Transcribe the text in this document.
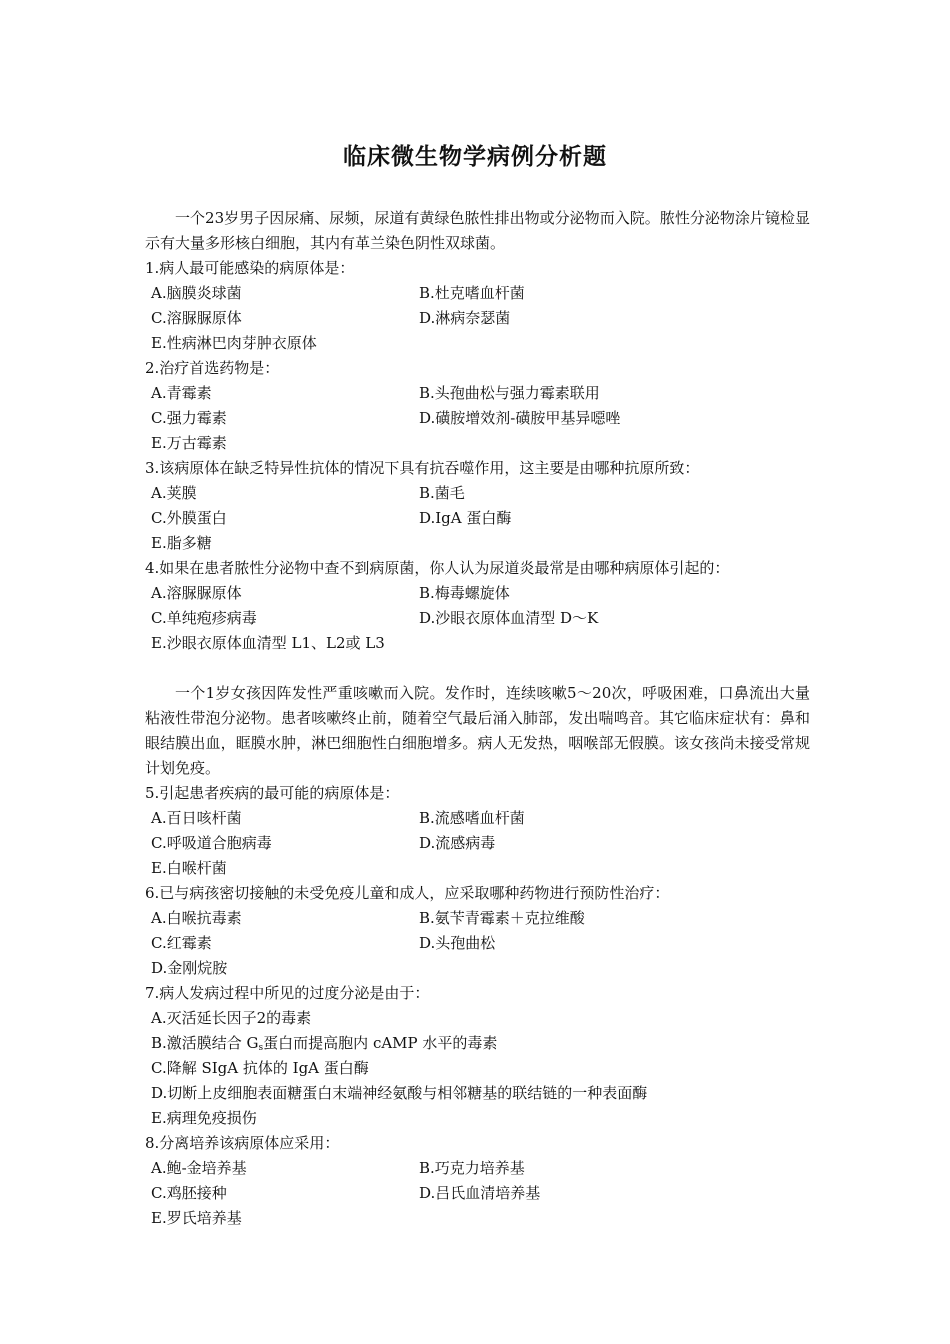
临床微生物学病例分析题

一个23岁男子因尿痛、尿频，尿道有黄绿色脓性排出物或分泌物而入院。脓性分泌物涂片镜检显示有大量多形核白细胞，其内有革兰染色阴性双球菌。

1.病人最可能感染的病原体是：

A.脑膜炎球菌	B.杜克嗜血杆菌
C.溶脲脲原体	D.淋病奈瑟菌
E.性病淋巴肉芽肿衣原体

2.治疗首选药物是：

A.青霉素	B.头孢曲松与强力霉素联用
C.强力霉素	D.磺胺增效剂-磺胺甲基异噁唑
E.万古霉素

3.该病原体在缺乏特异性抗体的情况下具有抗吞噬作用，这主要是由哪种抗原所致：

A.荚膜	B.菌毛
C.外膜蛋白	D.IgA 蛋白酶
E.脂多糖

4.如果在患者脓性分泌物中查不到病原菌，你人认为尿道炎最常是由哪种病原体引起的：

A.溶脲脲原体	B.梅毒螺旋体
C.单纯疱疹病毒	D.沙眼衣原体血清型 D～K
E.沙眼衣原体血清型 L1、L2或 L3

一个1岁女孩因阵发性严重咳嗽而入院。发作时，连续咳嗽5～20次，呼吸困难，口鼻流出大量粘液性带泡分泌物。患者咳嗽终止前，随着空气最后涌入肺部，发出喘鸣音。其它临床症状有：鼻和眼结膜出血，眶膜水肿，淋巴细胞性白细胞增多。病人无发热，咽喉部无假膜。该女孩尚未接受常规计划免疫。

5.引起患者疾病的最可能的病原体是：

A.百日咳杆菌	B.流感嗜血杆菌
C.呼吸道合胞病毒	D.流感病毒
E.白喉杆菌

6.已与病孩密切接触的未受免疫儿童和成人，应采取哪种药物进行预防性治疗：

A.白喉抗毒素	B.氨苄青霉素＋克拉维酸
C.红霉素	D.头孢曲松
D.金刚烷胺

7.病人发病过程中所见的过度分泌是由于：

A.灭活延长因子2的毒素
B.激活膜结合 $G_s$蛋白而提高胞内 cAMP 水平的毒素
C.降解 SIgA 抗体的 IgA 蛋白酶
D.切断上皮细胞表面糖蛋白末端神经氨酸与相邻糖基的联结链的一种表面酶
E.病理免疫损伤

8.分离培养该病原体应采用：

A.鲍-金培养基	B.巧克力培养基
C.鸡胚接种	D.吕氏血清培养基
E.罗氏培养基
